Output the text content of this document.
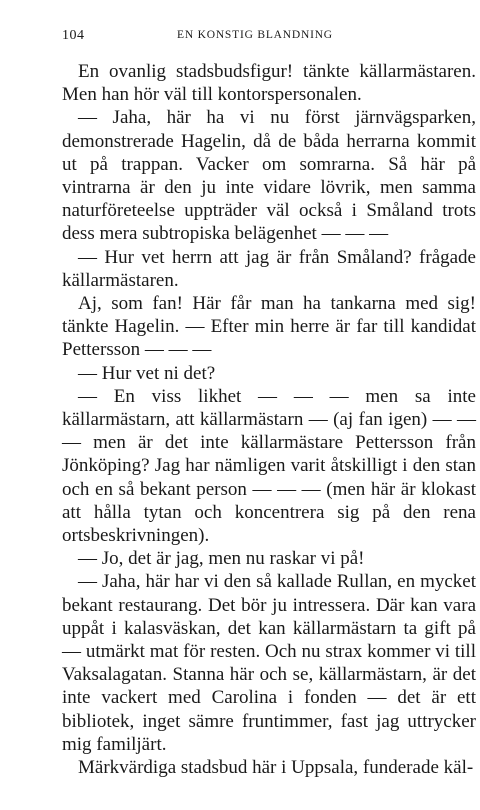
104	EN KONSTIG BLANDNING

En ovanlig stadsbudsfigur! tänkte källarmästaren. Men han hör väl till kontorspersonalen.

— Jaha, här ha vi nu först järnvägsparken, demonstrerade Hagelin, då de båda herrarna kommit ut på trappan. Vacker om somrarna. Så här på vintrarna är den ju inte vidare lövrik, men samma naturföreteelse uppträder väl också i Småland trots dess mera subtropiska belägenhet — — —

— Hur vet herrn att jag är från Småland? frågade källarmästaren.

Aj, som fan! Här får man ha tankarna med sig! tänkte Hagelin. — Efter min herre är far till kandidat Pettersson — — —

— Hur vet ni det?

— En viss likhet — — — men sa inte källarmästarn, att källarmästarn — (aj fan igen) — — — men är det inte källarmästare Pettersson från Jönköping? Jag har nämligen varit åtskilligt i den stan och en så bekant person — — — (men här är klokast att hålla tytan och koncentrera sig på den rena ortsbeskrivningen).

— Jo, det är jag, men nu raskar vi på!

— Jaha, här har vi den så kallade Rullan, en mycket bekant restaurang. Det bör ju intressera. Där kan vara uppåt i kalasväskan, det kan källarmästarn ta gift på — utmärkt mat för resten. Och nu strax kommer vi till Vaksalagatan. Stanna här och se, källarmästarn, är det inte vackert med Carolina i fonden — det är ett bibliotek, inget sämre fruntimmer, fast jag uttrycker mig familjärt.

Märkvärdiga stadsbud här i Uppsala, funderade käl-
